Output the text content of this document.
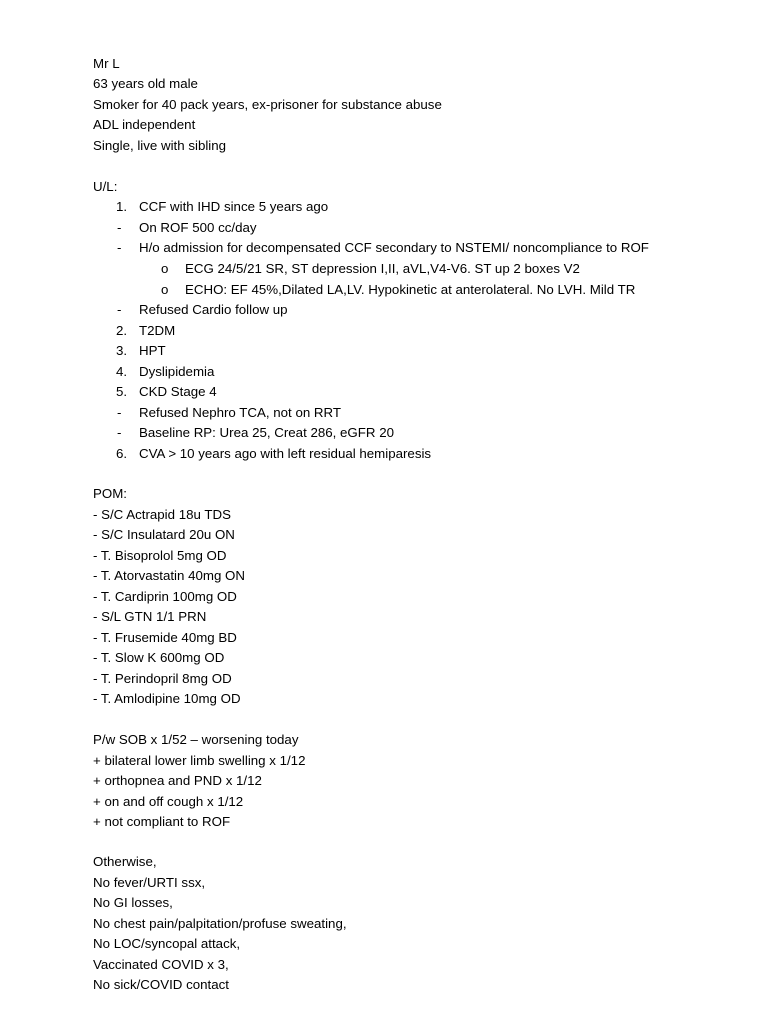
Mr L
63 years old male
Smoker for 40 pack years, ex-prisoner for substance abuse
ADL independent
Single, live with sibling
U/L:
1. CCF with IHD since 5 years ago
- On ROF 500 cc/day
- H/o admission for decompensated CCF secondary to NSTEMI/ noncompliance to ROF
o ECG 24/5/21 SR, ST depression I,II, aVL,V4-V6. ST up 2 boxes V2
o ECHO: EF 45%,Dilated LA,LV. Hypokinetic at anterolateral. No LVH. Mild TR
- Refused Cardio follow up
2. T2DM
3. HPT
4. Dyslipidemia
5. CKD Stage 4
- Refused Nephro TCA, not on RRT
- Baseline RP: Urea 25, Creat 286, eGFR 20
6. CVA > 10 years ago with left residual hemiparesis
POM:
- S/C Actrapid 18u TDS
- S/C Insulatard 20u ON
- T. Bisoprolol 5mg OD
- T. Atorvastatin 40mg ON
- T. Cardiprin 100mg OD
- S/L GTN 1/1 PRN
- T. Frusemide 40mg BD
- T. Slow K 600mg OD
- T. Perindopril 8mg OD
- T. Amlodipine 10mg OD
P/w SOB x 1/52 – worsening today
+ bilateral lower limb swelling x 1/12
+ orthopnea and PND x 1/12
+ on and off cough x 1/12
+ not compliant to ROF
Otherwise,
No fever/URTI ssx,
No GI losses,
No chest pain/palpitation/profuse sweating,
No LOC/syncopal attack,
Vaccinated COVID x 3,
No sick/COVID contact
